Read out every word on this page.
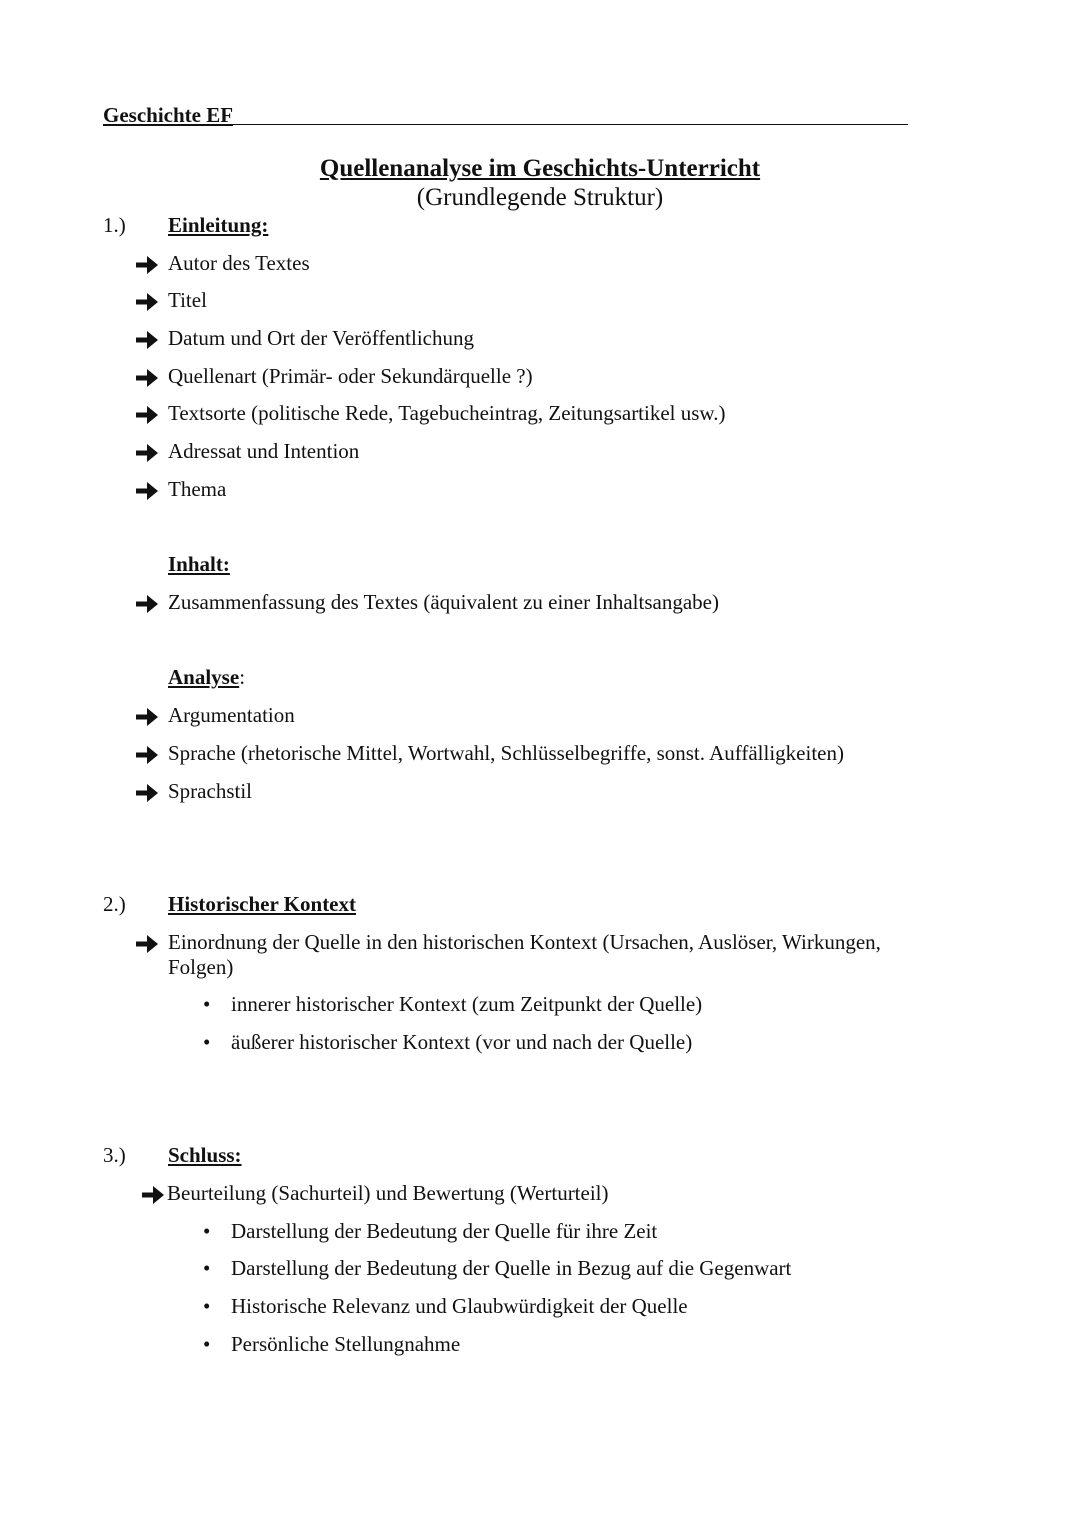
Geschichte EF
Quellenanalyse im Geschichts-Unterricht
(Grundlegende Struktur)
1.) Einleitung:
Autor des Textes
Titel
Datum und Ort der Veröffentlichung
Quellenart (Primär- oder Sekundärquelle ?)
Textsorte (politische Rede, Tagebucheintrag, Zeitungsartikel usw.)
Adressat und Intention
Thema
Inhalt:
Zusammenfassung des Textes (äquivalent zu einer Inhaltsangabe)
Analyse:
Argumentation
Sprache (rhetorische Mittel, Wortwahl, Schlüsselbegriffe, sonst. Auffälligkeiten)
Sprachstil
2.) Historischer Kontext
Einordnung der Quelle in den historischen Kontext (Ursachen, Auslöser, Wirkungen,
Folgen)
• innerer historischer Kontext (zum Zeitpunkt der Quelle)
• äußerer historischer Kontext (vor und nach der Quelle)
3.) Schluss:
Beurteilung (Sachurteil) und Bewertung (Werturteil)
• Darstellung der Bedeutung der Quelle für ihre Zeit
• Darstellung der Bedeutung der Quelle in Bezug auf die Gegenwart
• Historische Relevanz und Glaubwürdigkeit der Quelle
• Persönliche Stellungnahme
